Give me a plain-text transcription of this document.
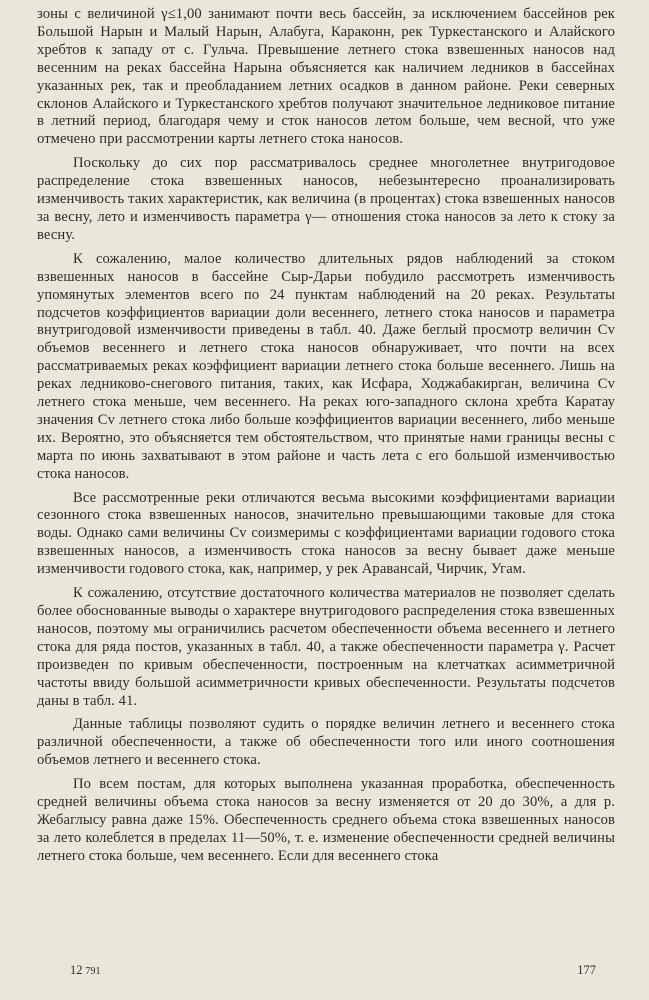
зоны с величиной γ≤1,00 занимают почти весь бассейн, за исключением бассейнов рек Большой Нарын и Малый Нарын, Алабуга, Караконн, рек Туркестанского и Алайского хребтов к западу от с. Гульча. Превышение летнего стока взвешенных наносов над весенним на реках бассейна Нарына объясняется как наличием ледников в бассейнах указанных рек, так и преобладанием летних осадков в данном районе. Реки северных склонов Алайского и Туркестанского хребтов получают значительное ледниковое питание в летний период, благодаря чему и сток наносов летом больше, чем весной, что уже отмечено при рассмотрении карты летнего стока наносов.

Поскольку до сих пор рассматривалось среднее многолетнее внутригодовое распределение стока взвешенных наносов, небезынтересно проанализировать изменчивость таких характеристик, как величина (в процентах) стока взвешенных наносов за весну, лето и изменчивость параметра γ— отношения стока наносов за лето к стоку за весну.

К сожалению, малое количество длительных рядов наблюдений за стоком взвешенных наносов в бассейне Сыр-Дарьи побудило рассмотреть изменчивость упомянутых элементов всего по 24 пунктам наблюдений на 20 реках. Результаты подсчетов коэффициентов вариации доли весеннего, летнего стока наносов и параметра внутригодовой изменчивости приведены в табл. 40. Даже беглый просмотр величин Cv объемов весеннего и летнего стока наносов обнаруживает, что почти на всех рассматриваемых реках коэффициент вариации летнего стока больше весеннего. Лишь на реках ледниково-снегового питания, таких, как Исфара, Ходжабакирган, величина Cv летнего стока меньше, чем весеннего. На реках юго-западного склона хребта Каратау значения Cv летнего стока либо больше коэффициентов вариации весеннего, либо меньше их. Вероятно, это объясняется тем обстоятельством, что принятые нами границы весны с марта по июнь захватывают в этом районе и часть лета с его большой изменчивостью стока наносов.

Все рассмотренные реки отличаются весьма высокими коэффициентами вариации сезонного стока взвешенных наносов, значительно превышающими таковые для стока воды. Однако сами величины Cv соизмеримы с коэффициентами вариации годового стока взвешенных наносов, а изменчивость стока наносов за весну бывает даже меньше изменчивости годового стока, как, например, у рек Аравансай, Чирчик, Угам.

К сожалению, отсутствие достаточного количества материалов не позволяет сделать более обоснованные выводы о характере внутригодового распределения стока взвешенных наносов, поэтому мы ограничились расчетом обеспеченности объема весеннего и летнего стока для ряда постов, указанных в табл. 40, а также обеспеченности параметра γ. Расчет произведен по кривым обеспеченности, построенным на клетчатках асимметричной частоты ввиду большой асимметричности кривых обеспеченности. Результаты подсчетов даны в табл. 41.

Данные таблицы позволяют судить о порядке величин летнего и весеннего стока различной обеспеченности, а также об обеспеченности того или иного соотношения объемов летнего и весеннего стока.

По всем постам, для которых выполнена указанная проработка, обеспеченность средней величины объема стока наносов за весну изменяется от 20 до 30%, а для р. Жебаглысу равна даже 15%. Обеспеченность среднего объема стока взвешенных наносов за лето колеблется в пределах 11—50%, т. е. изменение обеспеченности средней величины летнего стока больше, чем весеннего. Если для весеннего стока

12 791	177
